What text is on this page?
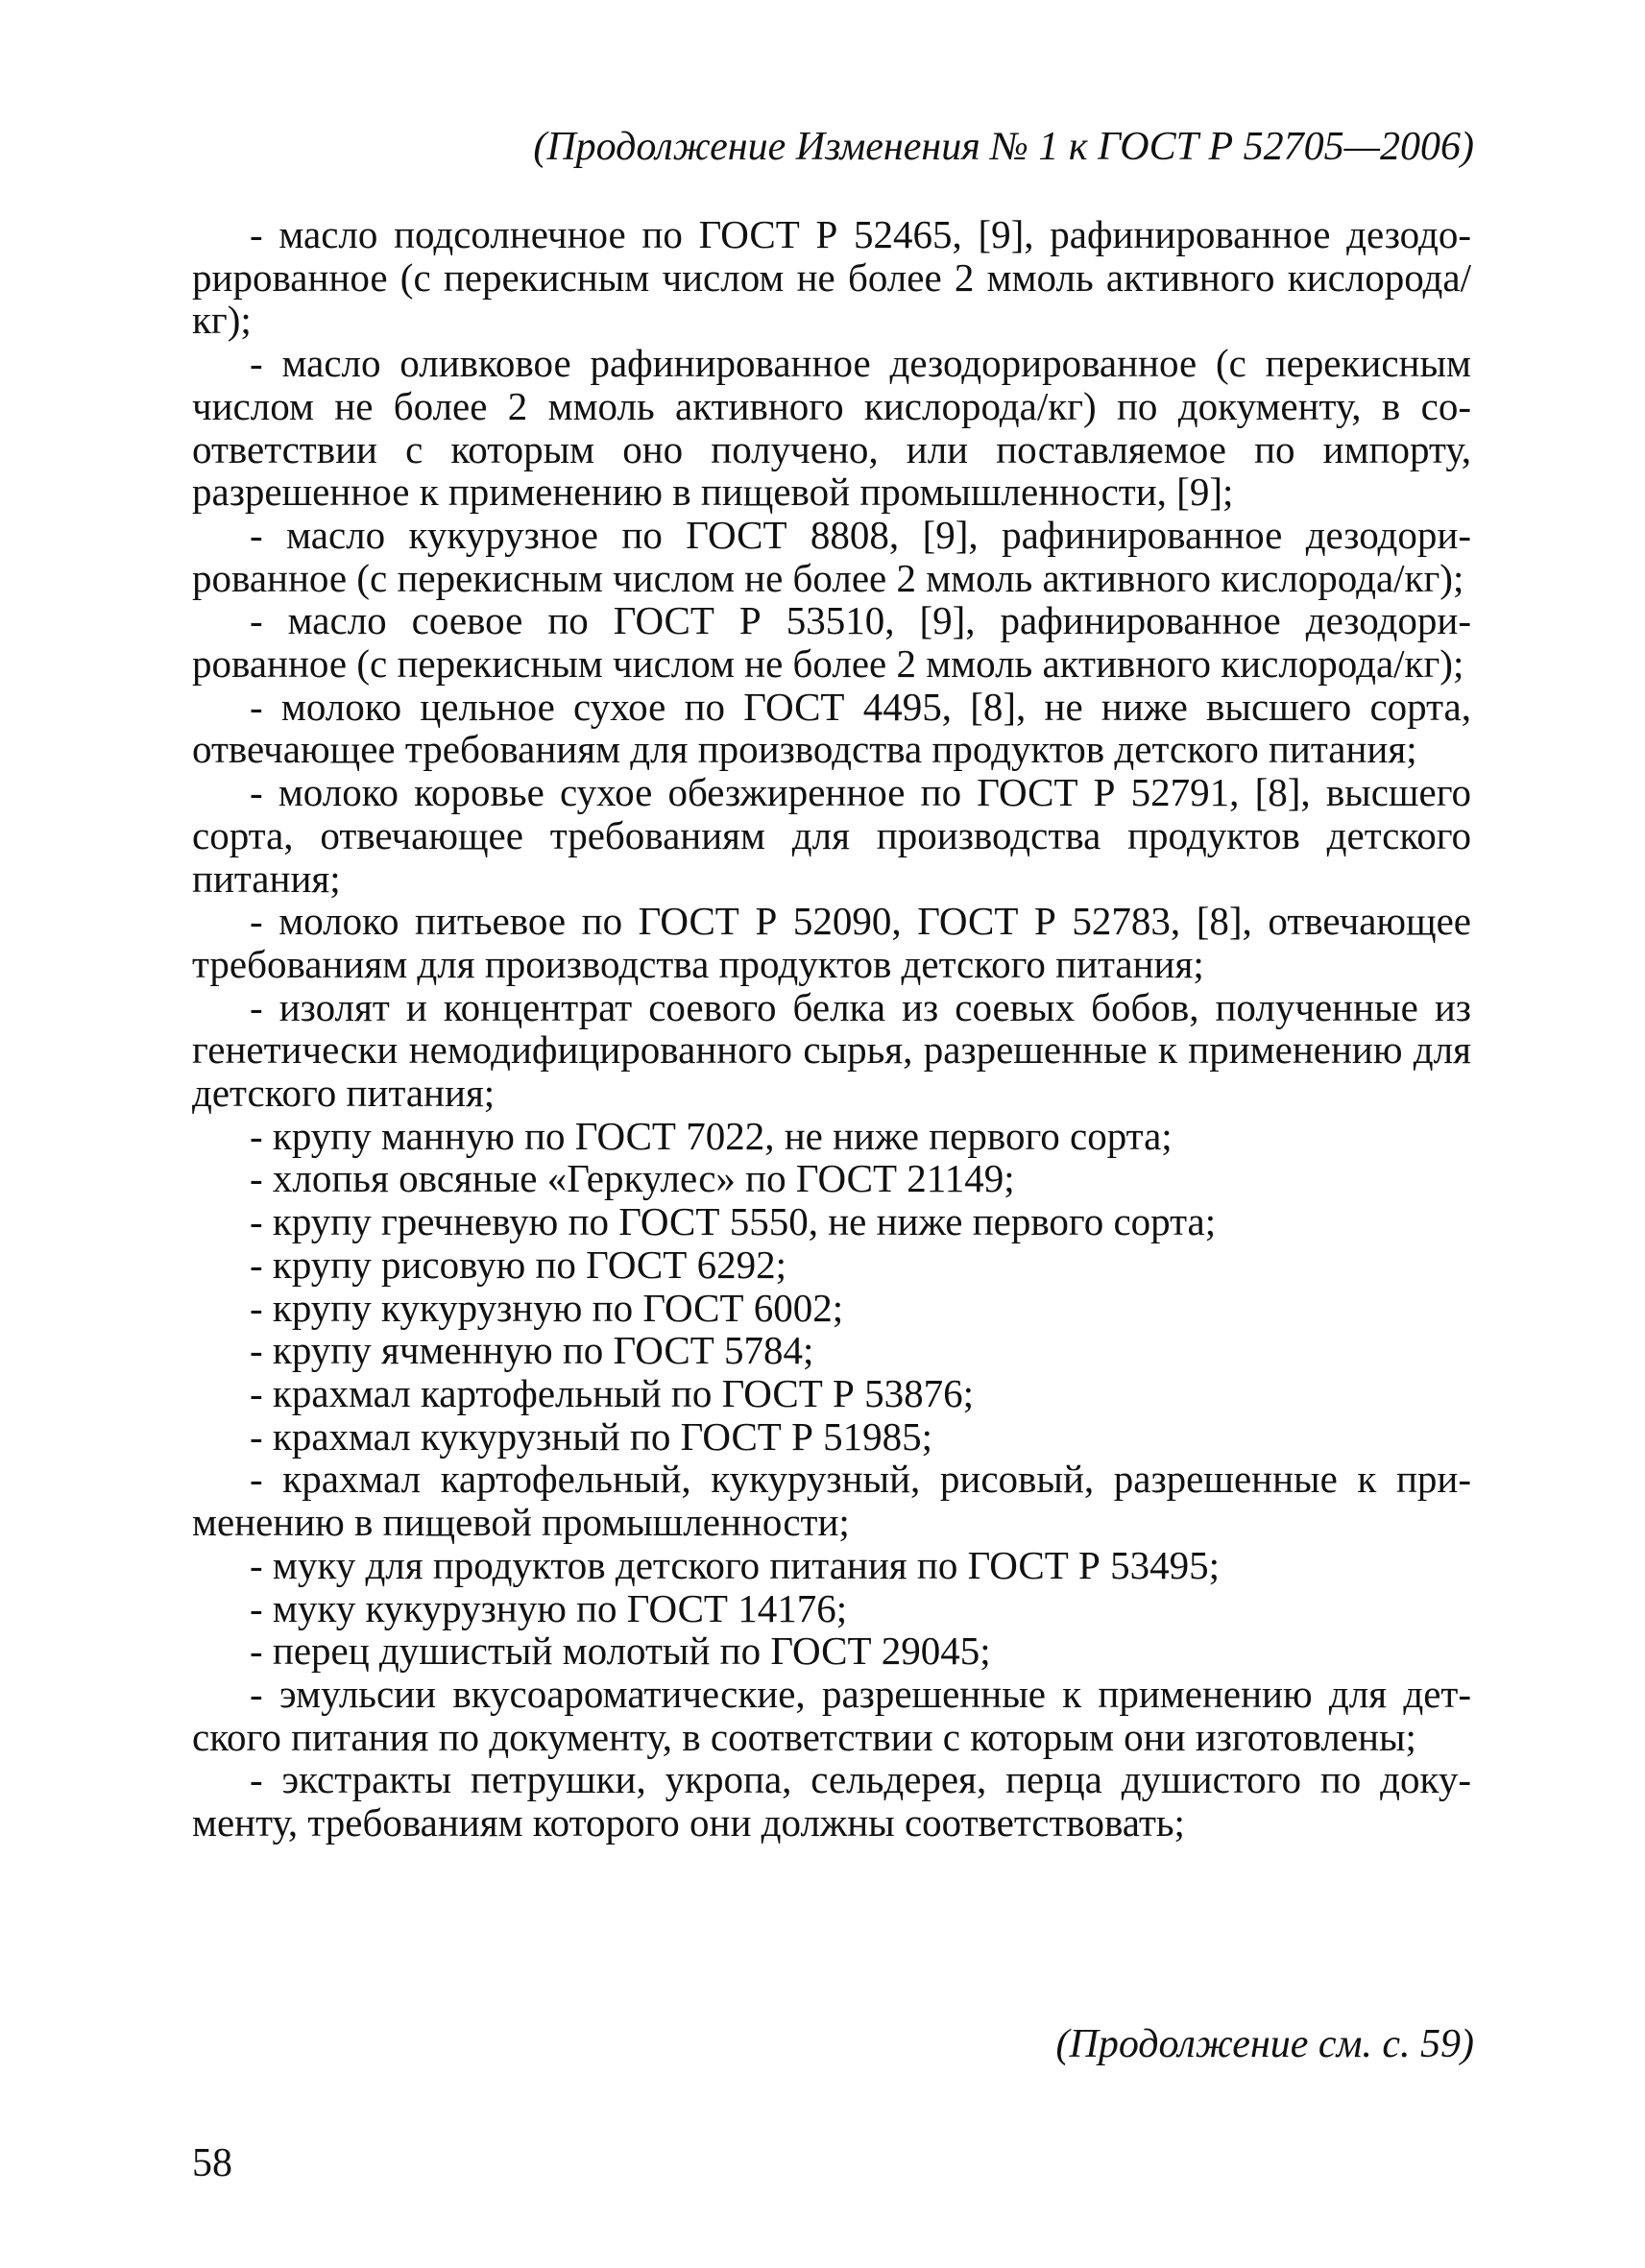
(Продолжение Изменения № 1 к ГОСТ Р 52705—2006)

- масло подсолнечное по ГОСТ Р 52465, [9], рафинированное дезодорированное (с перекисным числом не более 2 ммоль активного кислорода/кг);

- масло оливковое рафинированное дезодорированное (с перекисным числом не более 2 ммоль активного кислорода/кг) по документу, в соответствии с которым оно получено, или поставляемое по импорту, разрешенное к применению в пищевой промышленности, [9];

- масло кукурузное по ГОСТ 8808, [9], рафинированное дезодорированное (с перекисным числом не более 2 ммоль активного кислорода/кг);

- масло соевое по ГОСТ Р 53510, [9], рафинированное дезодорированное (с перекисным числом не более 2 ммоль активного кислорода/кг);

- молоко цельное сухое по ГОСТ 4495, [8], не ниже высшего сорта, отвечающее требованиям для производства продуктов детского питания;

- молоко коровье сухое обезжиренное по ГОСТ Р 52791, [8], высшего сорта, отвечающее требованиям для производства продуктов детского питания;

- молоко питьевое по ГОСТ Р 52090, ГОСТ Р 52783, [8], отвечающее требованиям для производства продуктов детского питания;

- изолят и концентрат соевого белка из соевых бобов, полученные из генетически немодифицированного сырья, разрешенные к применению для детского питания;

- крупу манную по ГОСТ 7022, не ниже первого сорта;

- хлопья овсяные «Геркулес» по ГОСТ 21149;

- крупу гречневую по ГОСТ 5550, не ниже первого сорта;

- крупу рисовую по ГОСТ 6292;

- крупу кукурузную по ГОСТ 6002;

- крупу ячменную по ГОСТ 5784;

- крахмал картофельный по ГОСТ Р 53876;

- крахмал кукурузный по ГОСТ Р 51985;

- крахмал картофельный, кукурузный, рисовый, разрешенные к применению в пищевой промышленности;

- муку для продуктов детского питания по ГОСТ Р 53495;

- муку кукурузную по ГОСТ 14176;

- перец душистый молотый по ГОСТ 29045;

- эмульсии вкусоароматические, разрешенные к применению для детского питания по документу, в соответствии с которым они изготовлены;

- экстракты петрушки, укропа, сельдерея, перца душистого по документу, требованиям которого они должны соответствовать;

(Продолжение см. с. 59)
58
